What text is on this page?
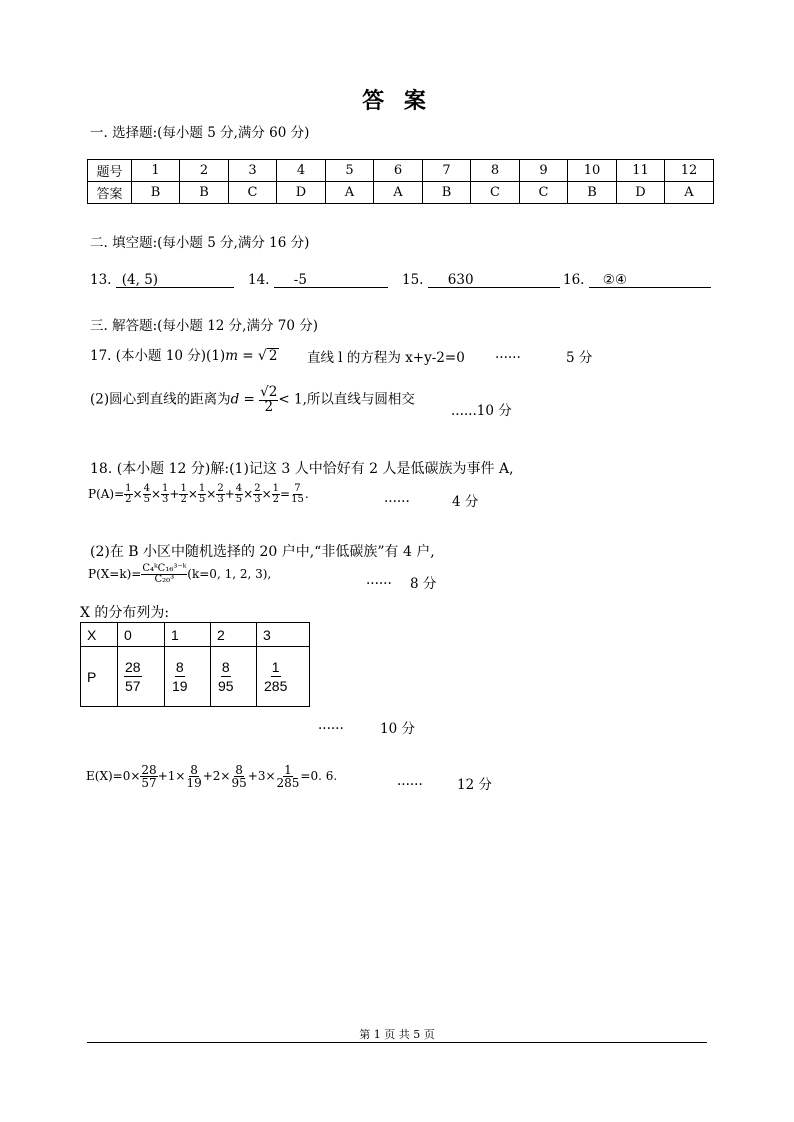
答 案
一. 选择题:(每小题 5 分,满分 60 分)
题号	1	2	3	4	5	6	7	8	9	10	11	12
答案	B	B	C	D	A	A	B	C	C	B	D	A
二. 填空题:(每小题 5 分,满分 16 分)
13. (4, 5)	14. -5	15. 630	16. ②④
三. 解答题:(每小题 12 分,满分 70 分)
17. (本小题 10 分)(1)m = √ 2 直线 l 的方程为 x+y-2=0 ......	5 分
(2)圆心到直线的距离为$d = \frac{√2}{2} < 1$,所以直线与圆相交
......10 分
18. (本小题 12 分)解:(1)记这 3 人中恰好有 2 人是低碳族为事件 A,
$P(A)= \frac{1}{2} \times \frac{4}{5} \times \frac{1}{3} + \frac{1}{2} \times \frac{1}{5} \times \frac{2}{3} + \frac{4}{5} \times \frac{2}{3} \times \frac{1}{2} = \frac{7}{15}$ .	......	4 分
(2)在 B 小区中随机选择的 20 户中,“非低碳族”有 4 户,
$P(X=k)= \frac{\text{C₄ᵏC₁₆³⁻ᵏ}}{\text{C₂₀³}} (k=0$, 1, 2, 3),	...... 8 分
X 的分布列为:
X	0	1	2	3
P	$\frac{28}{57}$	$\frac{8}{19}$	$\frac{8}{95}$	$\frac{1}{285}$
......	10 分
$E(X)=0\times \frac{28}{57} +1\times \frac{8}{19} +2\times \frac{8}{95} +3\times \frac{1}{285} =0$. 6.	......	12 分
第 1 页 共 5 页
